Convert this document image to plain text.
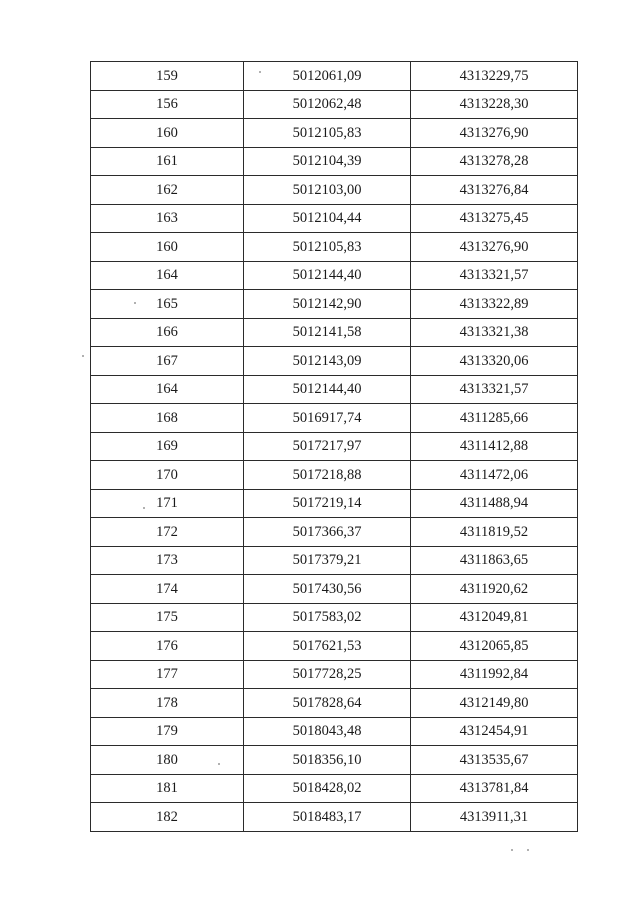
159	5012061,09	4313229,75
156	5012062,48	4313228,30
160	5012105,83	4313276,90
161	5012104,39	4313278,28
162	5012103,00	4313276,84
163	5012104,44	4313275,45
160	5012105,83	4313276,90
164	5012144,40	4313321,57
165	5012142,90	4313322,89
166	5012141,58	4313321,38
167	5012143,09	4313320,06
164	5012144,40	4313321,57
168	5016917,74	4311285,66
169	5017217,97	4311412,88
170	5017218,88	4311472,06
171	5017219,14	4311488,94
172	5017366,37	4311819,52
173	5017379,21	4311863,65
174	5017430,56	4311920,62
175	5017583,02	4312049,81
176	5017621,53	4312065,85
177	5017728,25	4311992,84
178	5017828,64	4312149,80
179	5018043,48	4312454,91
180	5018356,10	4313535,67
181	5018428,02	4313781,84
182	5018483,17	4313911,31
